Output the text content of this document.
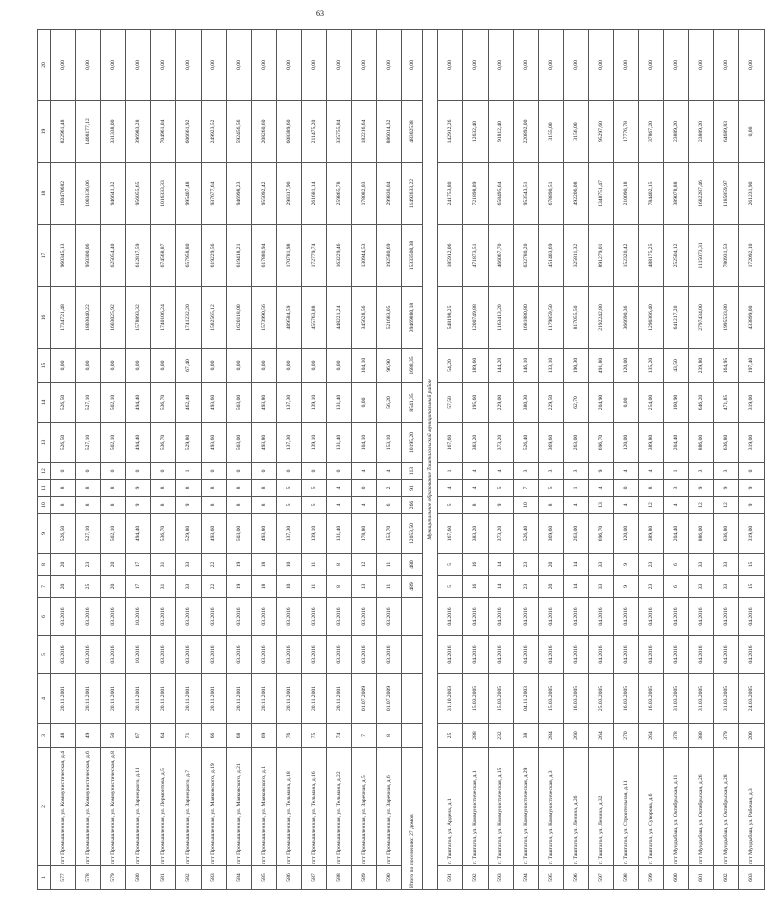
63
1	2	3	4	5	6	7	8	9	10	11	12	13	14	15	16	17	18	19	20
577	пгт Промышленная, ул. Коммунистическая, д.4	48	20.11.2001	03.2016	03.2016	20	20	526,50	8	8	0	526,50	526,50	0,00	1734721,48	960345,13	160470682	822961,48	0,00
578	пгт Промышленная, ул. Коммунистическая, д.6	49	20.11.2001	03.2016	03.2016	25	23	527,10	8	8	0	527,10	527,10	0,00	1803040,22	950300,06	1003136,06	1408177,12	0,00
579	пгт Промышленная, ул. Коммунистическая, д.8	50	20.11.2001	03.2016	03.2016	20	20	502,10	8	8	0	502,10	502,10	0,00	1603025,92	625054,40	946641,32	331338,00	0,00
580	пгт Промышленная, ул. Зарнецкого, д.11	67	20.11.2001	10.2016	10.2016	17	17	494,40	9	9	0	494,40	494,40	0,00	1578893,32	612817,59	956055,65	396983,28	0,00
581	пгт Промышленная, ул. Лермонтова, д.5	64	20.11.2001	03.2016	03.2016	31	31	536,70	8	8	0	536,70	536,70	0,00	1740106,24	674568,87	1016333,33	704961,04	0,00
582	пгт Промышленная, ул. Зарнецкого, д.7	71	20.11.2001	03.2016	03.2016	33	33	529,80	9	8	1	529,80	462,40	67,40	1741232,20	657958,80	995407,48	606661,92	0,00
583	пгт Промышленная, ул. Маяковского, д.19	66	20.11.2001	03.2016	03.2016	22	22	493,60	8	8	0	493,60	493,60	0,00	1582565,12	619229,56	937677,64	249923,52	0,00
584	пгт Промышленная, ул. Маяковского, д.21	68	20.11.2001	03.2016	03.2016	19	19	503,00	8	8	0	503,00	503,00	0,00	1620118,00	619418,21	946998,23	592456,56	0,00
585	пгт Промышленная, ул. Маяковского, д.1	69	20.11.2001	03.2016	03.2016	18	18	493,80	8	8	0	493,80	493,80	0,00	1573990,56	617880,94	955092,42	208260,60	0,00
586	пгт Промышленная, ул. Тельмана, д.18	76	20.11.2001	03.2016	03.2016	10	10	137,30	5	5	0	137,30	137,30	0,00	489584,59	170781,98	298317,90	608389,60	0,00
587	пгт Промышленная, ул. Тельмана, д.16	75	20.11.2001	03.2016	03.2016	11	11	139,10	5	5	0	139,10	139,10	0,00	455763,88	172779,74	261681,14	211475,20	0,00
588	пгт Промышленная, ул. Тельмана, д.22	74	20.11.2001	03.2016	03.2016	8	8	131,40	4	4	0	131,40	131,40	0,00	448221,24	163229,46	259865,78	335755,84	0,00
589	пгт Промышленная, ул. Заречная, д.5	7	01.07.2009	03.2016	03.2016	13	12	178,80	4	0	4	104,10	0,00	104,10	345628,56	130944,53	178082,03	182216,64	0,00
590	пгт Промышленная, ул. Заречная, д.6	8	01.07.2009	03.2016	03.2016	11	11	153,70	6	2	4	153,10	56,20	96,90	521683,05	192580,69	299836,04	886014,32	0,00
Итого по поселению: 27 домов						489	480	12053,50	266	91	113	10195,20	8541,35	1688,35	39469880,18	15333508,38	11492633,22	48302538	0,00
Муниципальное образование Таштагольский муниципальный район																			
591	г. Таштагол, ул. Ардена, д.1	25	31.10.2003	04.2016	04.2016	5	5	167,60	5	4	1	167,60	57,50	54,20	548198,25	185912,06	241753,80	142912,26	0,00
592	г. Таштагол, ул. Коммунистическая, д.1	288	15.03.2005	04.2016	04.2016	16	16	383,20	8	4	4	383,20	195,60	189,60	1200749,88	471873,51	721898,89	12632,40	0,00
593	г. Таштагол, ул. Коммунистическая, д.15	232	15.03.2005	04.2016	04.2016	14	14	373,20	9	5	4	373,20	229,00	144,20	1163413,20	466067,70	658495,64	91812,40	0,00
594	г. Таштагол, ул. Коммунистическая, д.29	38	04.11.2003	04.2016	04.2016	23	23	526,40	10	7	3	526,40	380,30	146,10	1681880,80	632780,20	953543,51	220892,00	0,00
595	г. Таштагол, ул. Коммунистическая, д.3	284	15.03.2005	04.2016	04.2016	20	20	369,60	8	5	3	369,60	229,50	133,10	1179859,50	451403,69	678890,51	3155,00	0,00
596	г. Таштагол, ул. Ленина, д.26	260	16.03.2005	04.2016	04.2016	14	14	263,00	4	1	3	263,00	62,70	190,30	817055,50	325811,32	492206,08	3156,00	0,00
597	г. Таштагол, ул. Ленина, д.32	264	25.03.2005	04.2016	04.2016	33	33	696,70	13	4	9	696,70	204,90	491,80	2192242,80	891279,01	1348751,47	95297,60	0,00
598	г. Таштагол, ул. Строительная, д.11	270	16.03.2005	04.2016	04.2016	9	9	120,00	4	0	4	120,00	0,00	120,00	366690,36	152320,42	210090,18	17776,78	0,00
599	г. Таштагол, ул. Суворова, д.6	264	16.03.2005	04.2016	04.2016	23	23	389,80	12	8	4	389,80	254,00	135,20	1290366,40	488175,25	784402,15	37867,20	0,00
600	пгт Мундыбаш, ул. Октябрьская, д.11	378	31.03.2005	04.2016	04.2016	6	6	204,40	4	3	1	204,40	160,90	43,50	641217,20	252504,12	389078,88	23889,20	0,00
601	пгт Мундыбаш, ул. Октябрьская, д.26	380	31.03.2005	04.2016	04.2016	33	33	886,00	12	9	3	886,00	646,20	239,80	2797434,00	1115073,31	1682287,46	23889,20	0,00
602	пгт Мундыбаш, ул. Октябрьская, д.28	379	31.03.2005	04.2016	04.2016	33	33	636,80	12	9	3	636,80	471,85	164,95	1995533,80	780931,53	1185859,97	64689,83	0,00
603	пгт Мундыбаш, ул. Рабочая, д.3	200	24.03.2005	04.2016	04.2016	15	15	319,00	9	9	0	319,00	319,00	197,40	433899,00	172092,10	261231,90	0,00	0,00
